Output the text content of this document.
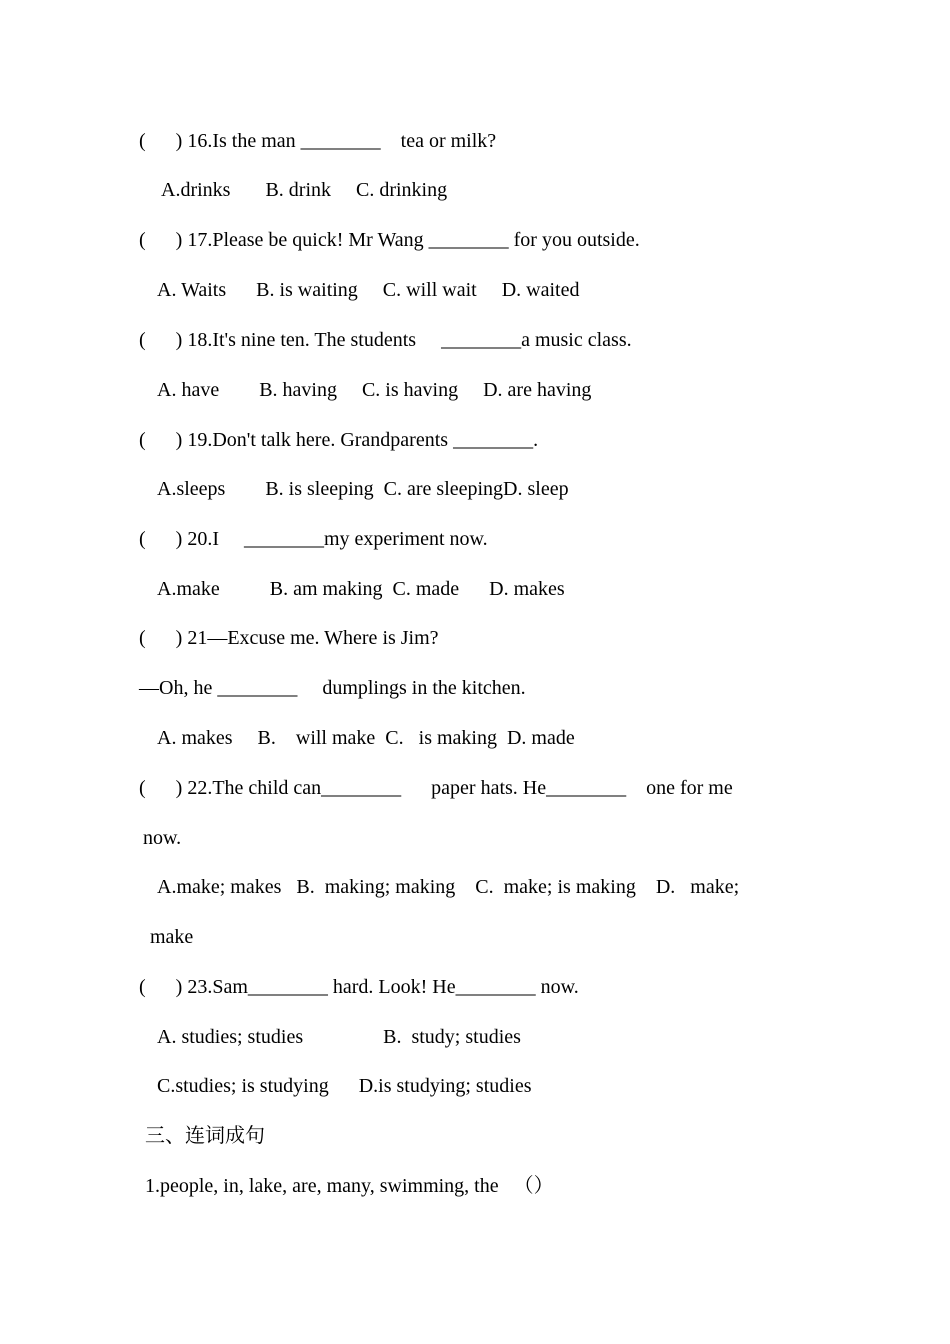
(      ) 16.Is the man ________    tea or milk?
A.drinks       B. drink     C. drinking
(      ) 17.Please be quick! Mr Wang ________ for you outside.
A. Waits      B. is waiting     C. will wait     D. waited
(      ) 18.It's nine ten. The students     ________a music class.
A. have        B. having     C. is having     D. are having
(      ) 19.Don't talk here. Grandparents ________.
A.sleeps        B. is sleeping  C. are sleepingD. sleep
(      ) 20.I     ________my experiment now.
A.make          B. am making  C. made      D. makes
(      ) 21—Excuse me. Where is Jim?
—Oh, he ________     dumplings in the kitchen.
A. makes     B.    will make  C.   is making  D. made
(      ) 22.The child can________      paper hats. He________    one for me
now.
A.make; makes   B.  making; making    C.  make; is making    D.   make;
make
(      ) 23.Sam________ hard. Look! He________ now.
A. studies; studies                B.  study; studies
C.studies; is studying      D.is studying; studies
三、连词成句
1.people, in, lake, are, many, swimming, the   （）
